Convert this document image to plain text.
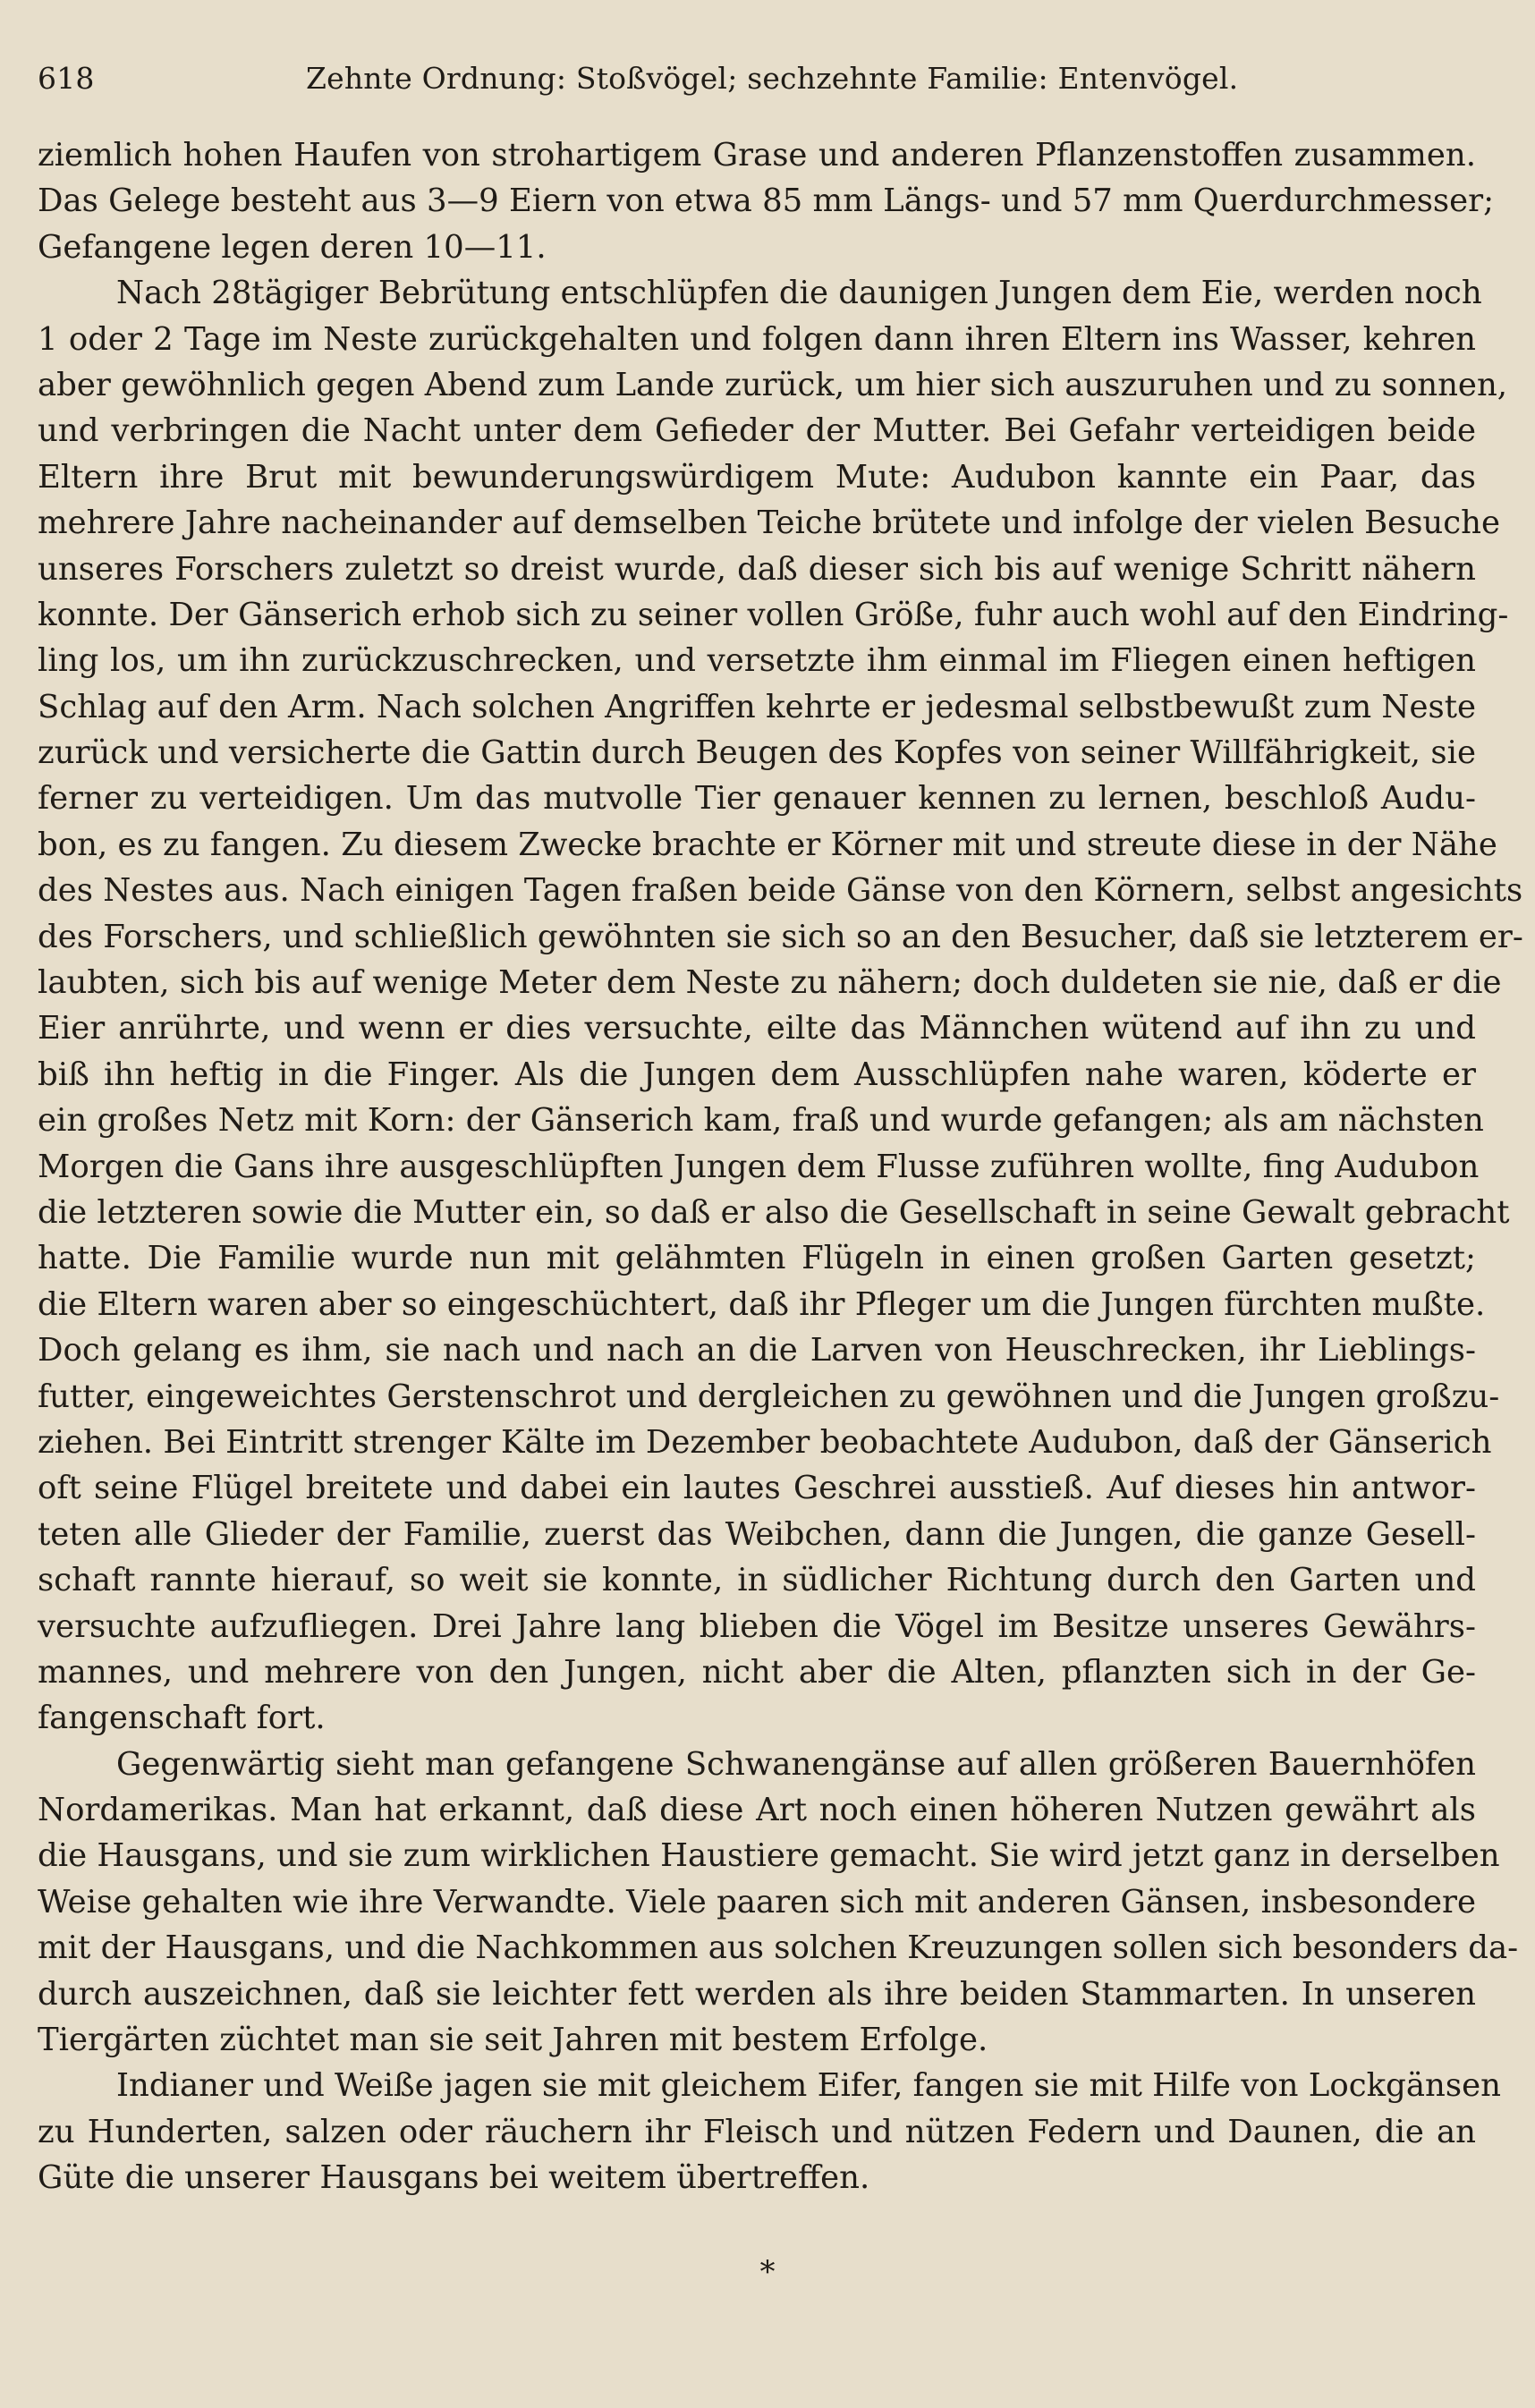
618	Zehnte Ordnung: Stoßvögel; sechzehnte Familie: Entenvögel.
ziemlich hohen Haufen von strohartigem Grase und anderen Pflanzenstoffen zusammen.
Das Gelege besteht aus 3—9 Eiern von etwa 85 mm Längs- und 57 mm Querdurchmesser;
Gefangene legen deren 10—11.
Nach 28tägiger Bebrütung entschlüpfen die daunigen Jungen dem Eie, werden noch
1 oder 2 Tage im Neste zurückgehalten und folgen dann ihren Eltern ins Wasser, kehren
aber gewöhnlich gegen Abend zum Lande zurück, um hier sich auszuruhen und zu sonnen,
und verbringen die Nacht unter dem Gefieder der Mutter. Bei Gefahr verteidigen beide
Eltern ihre Brut mit bewunderungswürdigem Mute: Audubon kannte ein Paar, das
mehrere Jahre nacheinander auf demselben Teiche brütete und infolge der vielen Besuche
unseres Forschers zuletzt so dreist wurde, daß dieser sich bis auf wenige Schritt nähern
konnte. Der Gänserich erhob sich zu seiner vollen Größe, fuhr auch wohl auf den Eindring-
ling los, um ihn zurückzuschrecken, und versetzte ihm einmal im Fliegen einen heftigen
Schlag auf den Arm. Nach solchen Angriffen kehrte er jedesmal selbstbewußt zum Neste
zurück und versicherte die Gattin durch Beugen des Kopfes von seiner Willfährigkeit, sie
ferner zu verteidigen. Um das mutvolle Tier genauer kennen zu lernen, beschloß Audu-
bon, es zu fangen. Zu diesem Zwecke brachte er Körner mit und streute diese in der Nähe
des Nestes aus. Nach einigen Tagen fraßen beide Gänse von den Körnern, selbst angesichts
des Forschers, und schließlich gewöhnten sie sich so an den Besucher, daß sie letzterem er-
laubten, sich bis auf wenige Meter dem Neste zu nähern; doch duldeten sie nie, daß er die
Eier anrührte, und wenn er dies versuchte, eilte das Männchen wütend auf ihn zu und
biß ihn heftig in die Finger. Als die Jungen dem Ausschlüpfen nahe waren, köderte er
ein großes Netz mit Korn: der Gänserich kam, fraß und wurde gefangen; als am nächsten
Morgen die Gans ihre ausgeschlüpften Jungen dem Flusse zuführen wollte, fing Audubon
die letzteren sowie die Mutter ein, so daß er also die Gesellschaft in seine Gewalt gebracht
hatte. Die Familie wurde nun mit gelähmten Flügeln in einen großen Garten gesetzt;
die Eltern waren aber so eingeschüchtert, daß ihr Pfleger um die Jungen fürchten mußte.
Doch gelang es ihm, sie nach und nach an die Larven von Heuschrecken, ihr Lieblings-
futter, eingeweichtes Gerstenschrot und dergleichen zu gewöhnen und die Jungen großzu-
ziehen. Bei Eintritt strenger Kälte im Dezember beobachtete Audubon, daß der Gänserich
oft seine Flügel breitete und dabei ein lautes Geschrei ausstieß. Auf dieses hin antwor-
teten alle Glieder der Familie, zuerst das Weibchen, dann die Jungen, die ganze Gesell-
schaft rannte hierauf, so weit sie konnte, in südlicher Richtung durch den Garten und
versuchte aufzufliegen. Drei Jahre lang blieben die Vögel im Besitze unseres Gewährs-
mannes, und mehrere von den Jungen, nicht aber die Alten, pflanzten sich in der Ge-
fangenschaft fort.
Gegenwärtig sieht man gefangene Schwanengänse auf allen größeren Bauernhöfen
Nordamerikas. Man hat erkannt, daß diese Art noch einen höheren Nutzen gewährt als
die Hausgans, und sie zum wirklichen Haustiere gemacht. Sie wird jetzt ganz in derselben
Weise gehalten wie ihre Verwandte. Viele paaren sich mit anderen Gänsen, insbesondere
mit der Hausgans, und die Nachkommen aus solchen Kreuzungen sollen sich besonders da-
durch auszeichnen, daß sie leichter fett werden als ihre beiden Stammarten. In unseren
Tiergärten züchtet man sie seit Jahren mit bestem Erfolge.
Indianer und Weiße jagen sie mit gleichem Eifer, fangen sie mit Hilfe von Lockgänsen
zu Hunderten, salzen oder räuchern ihr Fleisch und nützen Federn und Daunen, die an
Güte die unserer Hausgans bei weitem übertreffen.
*
